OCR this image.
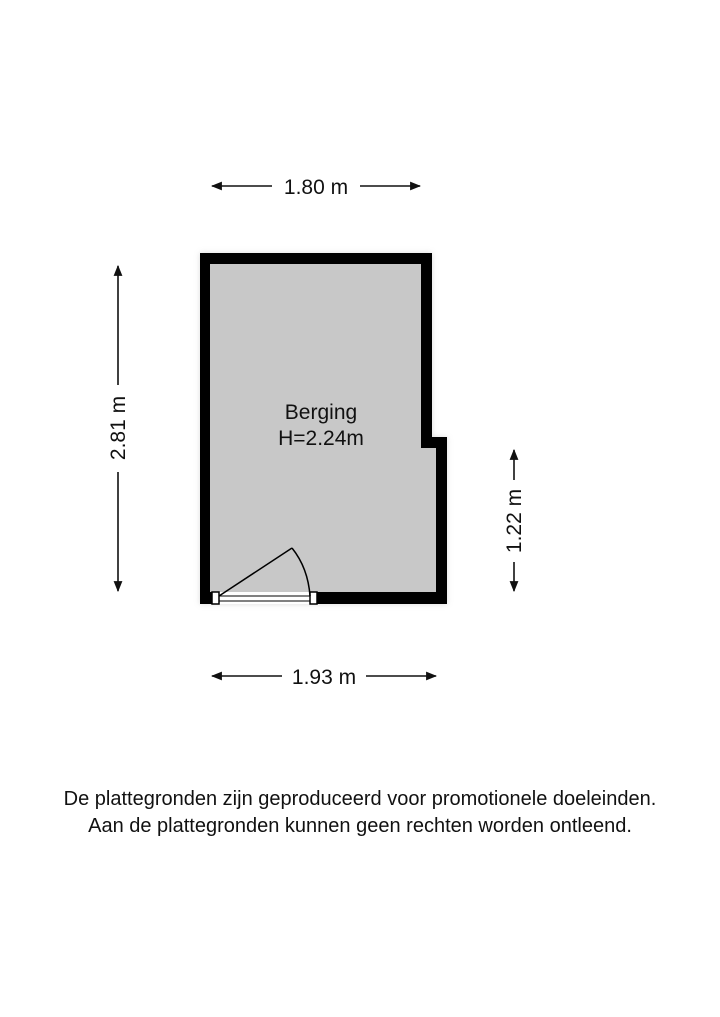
Berging
H=2.24m
1.80 m
2.81 m
1.22 m
1.93 m
De plattegronden zijn geproduceerd voor promotionele doeleinden.
Aan de plattegronden kunnen geen rechten worden ontleend.
